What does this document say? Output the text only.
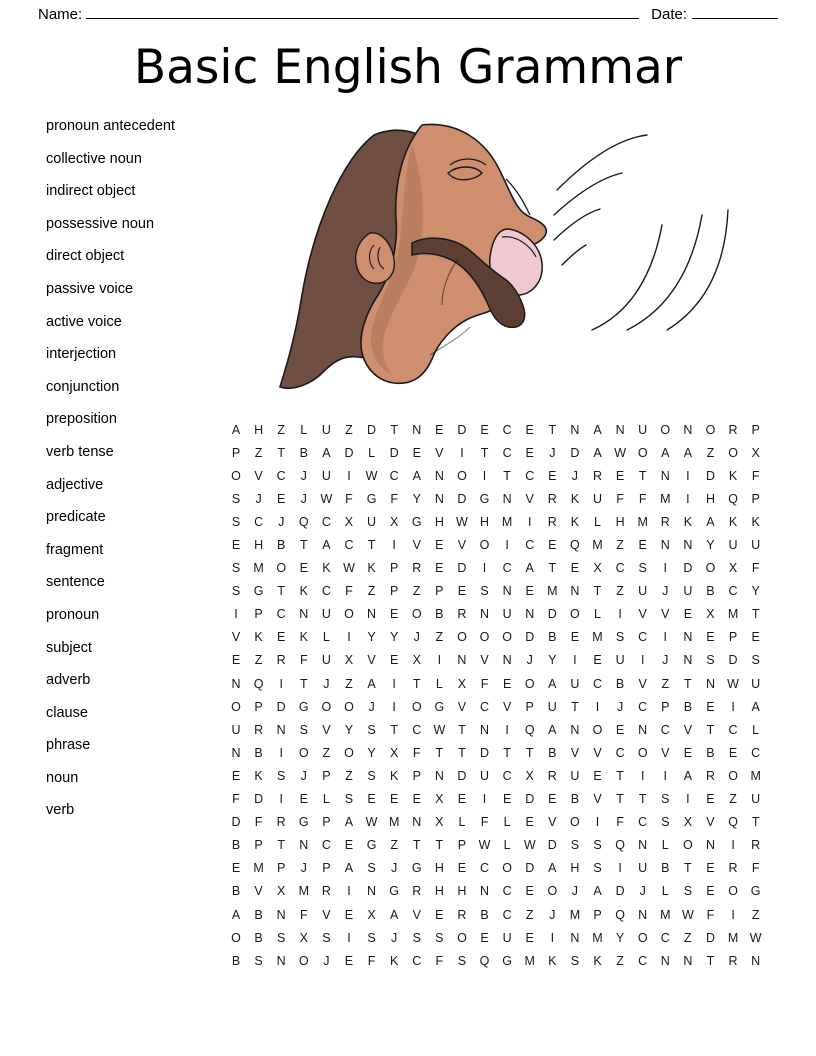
Name:	Date:
Basic English Grammar
pronoun antecedent
collective noun
indirect object
possessive noun
direct object
passive voice
active voice
interjection
conjunction
preposition
verb tense
adjective
predicate
fragment
sentence
pronoun
subject
adverb
clause
phrase
noun
verb
A	H	Z	L	U	Z	D	T	N	E	D	E	C	E	T	N	A	N U O N O R	P
P	Z	T	B	A	D	L	D	E	V	I	T	C	E	J	D	A	W O	A	A	Z	O	X
O	V	C	J	U	I	W C	A	N O	I	T	C	E	J	R	E	T	N	I	D	K	F
S	J	E	J	W	F	G	F	Y	N D G N	V	R	K	U	F	F	M	I	H Q	P
S	C	J	Q C	X	U	X	G H W H M	I	R	K	L	H M R	K	A	K	K
E	H	B	T	A	C	T	I	V	E	V	O	I	C	E	Q M	Z	E	N N	Y	U U
S	M O	E	K	W	K	P	R	E	D	I	C	A	T	E	X	C	S	I	D O	X	F
S	G	T	K	C	F	Z	P	Z	P	E	S	N	E	M N	T	Z	U	J	U	B	C	Y
I	P	C N U O N	E	O	B	R N U N D O	L	I	V	V	E	X	M	T
V	K	E	K	L	I	Y	Y	J	Z	O O O D	B	E	M	S	C	I	N	E	P	E
E	Z	R	F	U	X	V	E	X	I	N	V	N	J	Y	I	E	U	I	J	N	S	D	S
N Q	I	T	J	Z	A	I	T	L	X	F	E	O	A	U C	B	V	Z	T	N W U
O	P	D G O O	J	I	O G	V	C	V	P	U	T	I	J	C	P	B	E	I	A
U R N	S	V	Y	S	T	C W	T	N	I	Q	A	N O	E	N C	V	T	C	L
N	B	I	O	Z	O	Y	X	F	T	T	D	T	T	B	V	V	C O	V	E	B	E	C
E	K	S	J	P	Z	S	K	P	N D U C	X	R U	E	T	I	I	A	R O M
F	D	I	E	L	S	E	E	E	X	E	I	E	D	E	B	V	T	T	S	I	E	Z	U
D	F	R G	P	A	W M N	X	L	F	L	E	V	O	I	F	C	S	X	V	Q	T
B	P	T	N C	E	G	Z	T	T	P	W	L	W D	S	S	Q N	L	O N	I	R
E	M	P	J	P	A	S	J	G H	E	C O D	A	H	S	I	U	B	T	E	R	F
B	V	X	M R	I	N G R H H N C	E	O	J	A	D	J	L	S	E	O G
A	B	N	F	V	E	X	A	V	E	R	B	C	Z	J	M	P	Q N M W	F	I	Z
O	B	S	X	S	I	S	J	S	S	O	E	U	E	I	N M	Y	O C	Z	D M W
B	S	N O	J	E	F	K	C	F	S	Q G M	K	S	K	Z	C N N	T	R N
